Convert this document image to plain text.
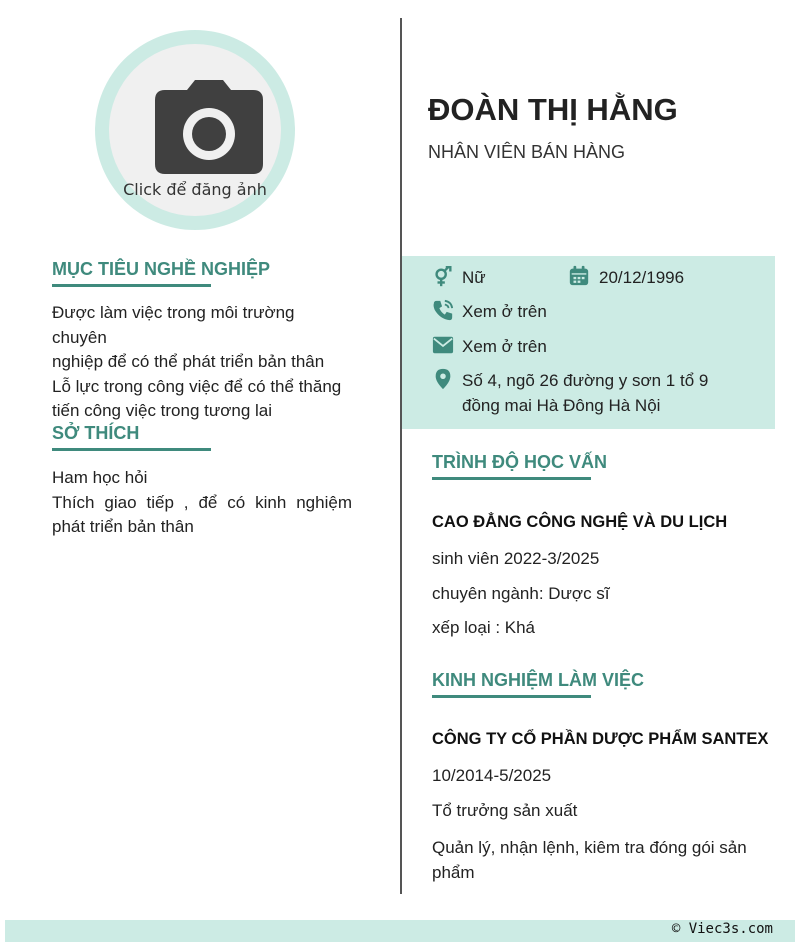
Click để đăng ảnh
MỤC TIÊU NGHỀ NGHIỆP
Được làm việc trong môi trường chuyên
nghiệp để có thể phát triển bản thân
Lỗ lực trong công việc để có thể thăng
tiến công việc trong tương lai
SỞ THÍCH
Ham học hỏi
Thích giao tiếp , để có kinh nghiệm
phát triển bản thân
ĐOÀN THỊ HẰNG
NHÂN VIÊN BÁN HÀNG
Nữ	20/12/1996
Xem ở trên
Xem ở trên
Số 4, ngõ 26 đường y sơn 1 tổ 9
đồng mai Hà Đông Hà Nội
TRÌNH ĐỘ HỌC VẤN
CAO ĐẲNG CÔNG NGHỆ VÀ DU LỊCH
sinh viên 2022-3/2025
chuyên ngành: Dược sĩ
xếp loại : Khá
KINH NGHIỆM LÀM VIỆC
CÔNG TY CỔ PHẦN DƯỢC PHẨM SANTEX
10/2014-5/2025
Tổ trưởng sản xuất
Quản lý, nhận lệnh, kiêm tra đóng gói sản
phẩm
© Viec3s.com
